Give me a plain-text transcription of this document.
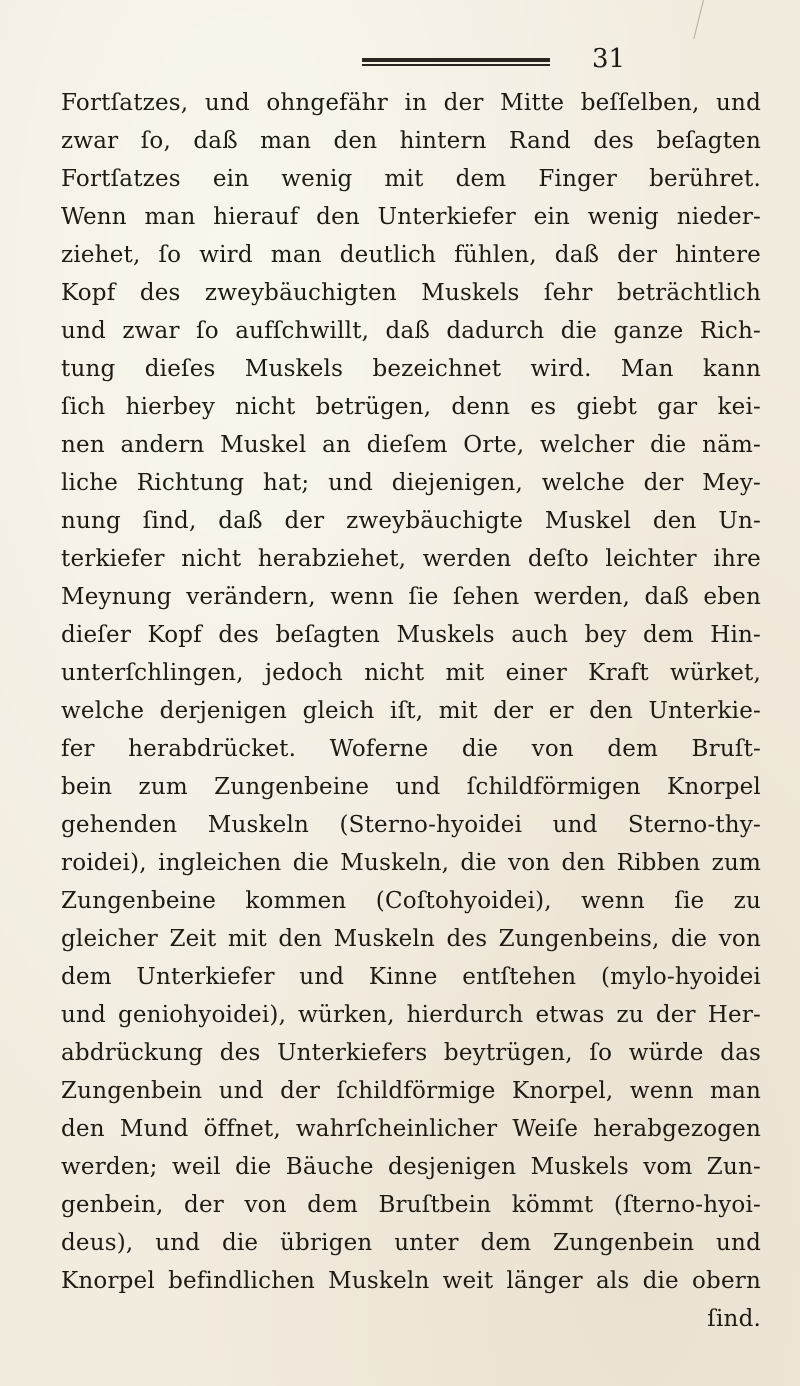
31
Fortſatzes, und ohngefähr in der Mitte beſſelben, und
zwar ſo, daß man den hintern Rand des beſagten
Fortſatzes ein wenig mit dem Finger berühret.
Wenn man hierauf den Unterkiefer ein wenig nieder-
ziehet, ſo wird man deutlich fühlen, daß der hintere
Kopf des zweybäuchigten Muskels ſehr beträchtlich
und zwar ſo aufſchwillt, daß dadurch die ganze Rich-
tung dieſes Muskels bezeichnet wird. Man kann
ſich hierbey nicht betrügen, denn es giebt gar kei-
nen andern Muskel an dieſem Orte, welcher die näm-
liche Richtung hat; und diejenigen, welche der Mey-
nung ſind, daß der zweybäuchigte Muskel den Un-
terkiefer nicht herabziehet, werden deſto leichter ihre
Meynung verändern, wenn ſie ſehen werden, daß eben
dieſer Kopf des beſagten Muskels auch bey dem Hin-
unterſchlingen, jedoch nicht mit einer Kraft würket,
welche derjenigen gleich iſt, mit der er den Unterkie-
fer herabdrücket. Woferne die von dem Bruſt-
bein zum Zungenbeine und ſchildförmigen Knorpel
gehenden Muskeln (Sterno-hyoidei und Sterno-thy-
roidei), ingleichen die Muskeln, die von den Ribben zum
Zungenbeine kommen (Coſtohyoidei), wenn ſie zu
gleicher Zeit mit den Muskeln des Zungenbeins, die von
dem Unterkiefer und Kinne entſtehen (mylo-hyoidei
und geniohyoidei), würken, hierdurch etwas zu der Her-
abdrückung des Unterkiefers beytrügen, ſo würde das
Zungenbein und der ſchildförmige Knorpel, wenn man
den Mund öffnet, wahrſcheinlicher Weiſe herabgezogen
werden; weil die Bäuche desjenigen Muskels vom Zun-
genbein, der von dem Bruſtbein kömmt (ſterno-hyoi-
deus), und die übrigen unter dem Zungenbein und
Knorpel befindlichen Muskeln weit länger als die obern
ſind.
